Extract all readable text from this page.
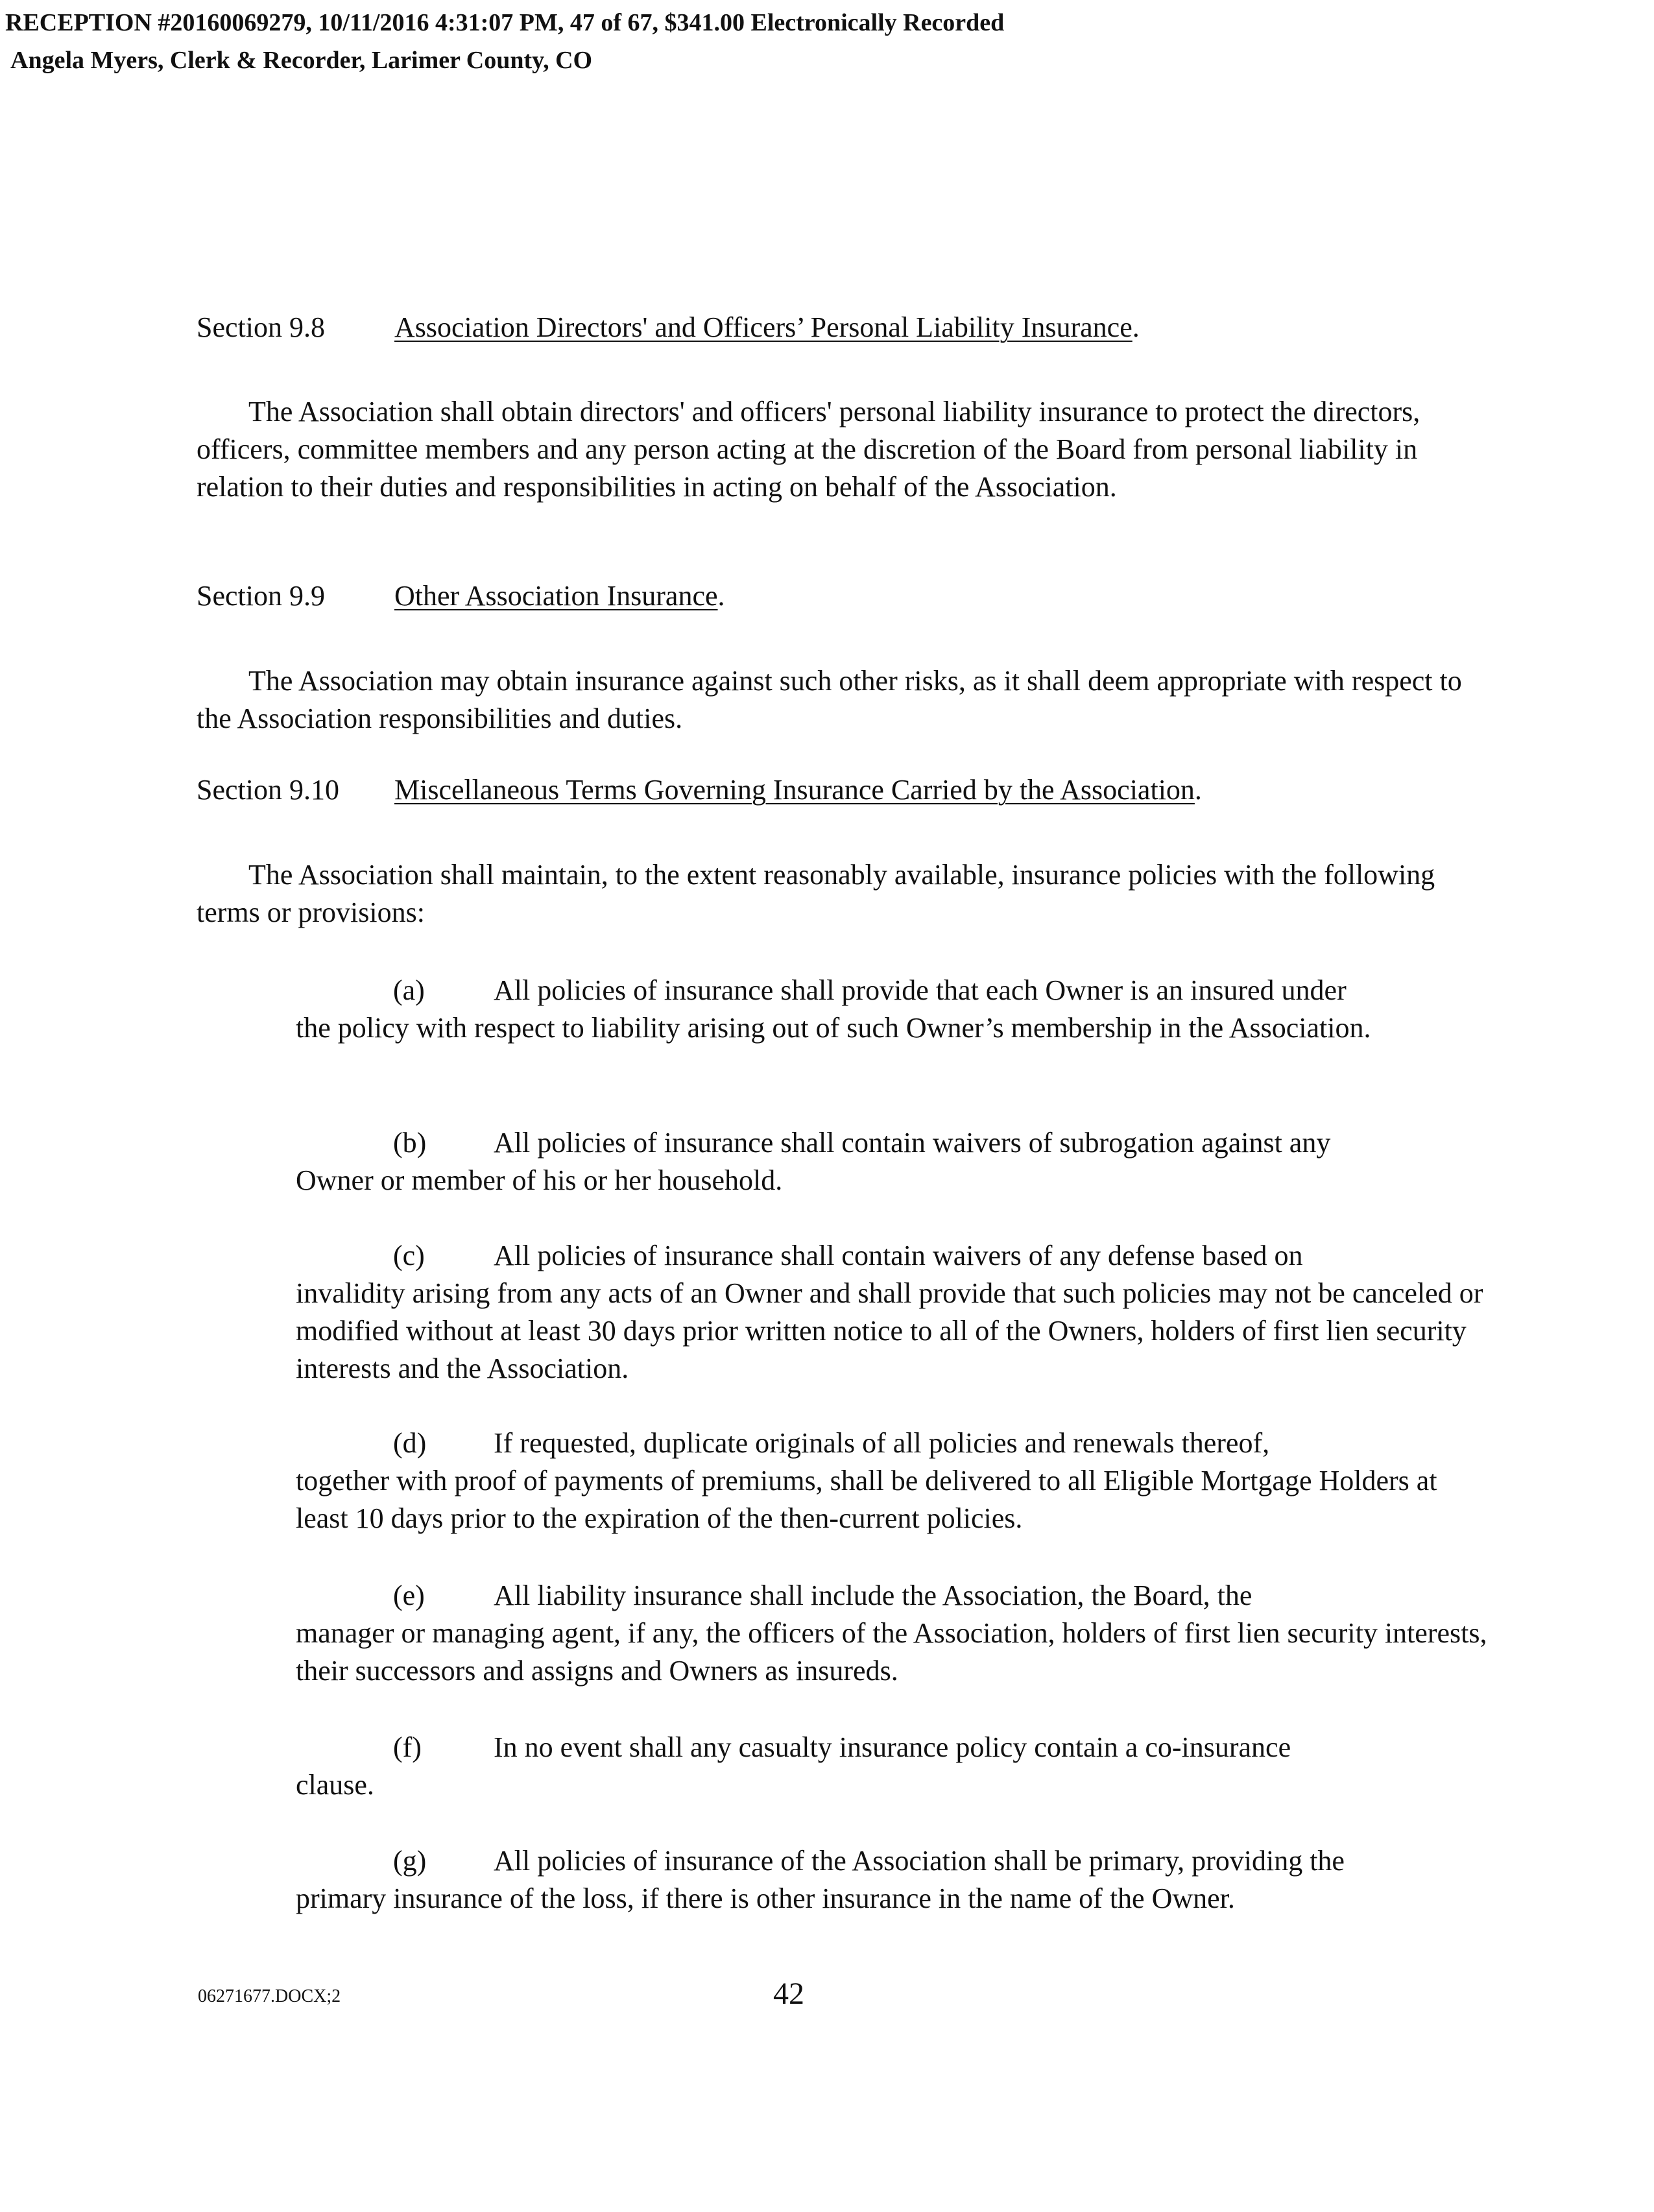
RECEPTION #20160069279, 10/11/2016 4:31:07 PM, 47 of 67, $341.00 Electronically Recorded
Angela Myers, Clerk & Recorder, Larimer County, CO
Section 9.8 Association Directors' and Officers’ Personal Liability Insurance.
The Association shall obtain directors' and officers' personal liability insurance to protect the directors, officers, committee members and any person acting at the discretion of the Board from personal liability in relation to their duties and responsibilities in acting on behalf of the Association.
Section 9.9 Other Association Insurance.
The Association may obtain insurance against such other risks, as it shall deem appropriate with respect to the Association responsibilities and duties.
Section 9.10 Miscellaneous Terms Governing Insurance Carried by the Association.
The Association shall maintain, to the extent reasonably available, insurance policies with the following terms or provisions:
(a) All policies of insurance shall provide that each Owner is an insured under
the policy with respect to liability arising out of such Owner’s membership in the Association.
(b) All policies of insurance shall contain waivers of subrogation against any
Owner or member of his or her household.
(c) All policies of insurance shall contain waivers of any defense based on
invalidity arising from any acts of an Owner and shall provide that such policies may not be canceled or modified without at least 30 days prior written notice to all of the Owners, holders of first lien security interests and the Association.
(d) If requested, duplicate originals of all policies and renewals thereof,
together with proof of payments of premiums, shall be delivered to all Eligible Mortgage Holders at least 10 days prior to the expiration of the then-current policies.
(e) All liability insurance shall include the Association, the Board, the
manager or managing agent, if any, the officers of the Association, holders of first lien security interests, their successors and assigns and Owners as insureds.
(f)	In no event shall any casualty insurance policy contain a co-insurance
clause.
(g) All policies of insurance of the Association shall be primary, providing the
primary insurance of the loss, if there is other insurance in the name of the Owner.
06271677.DOCX;2	42
